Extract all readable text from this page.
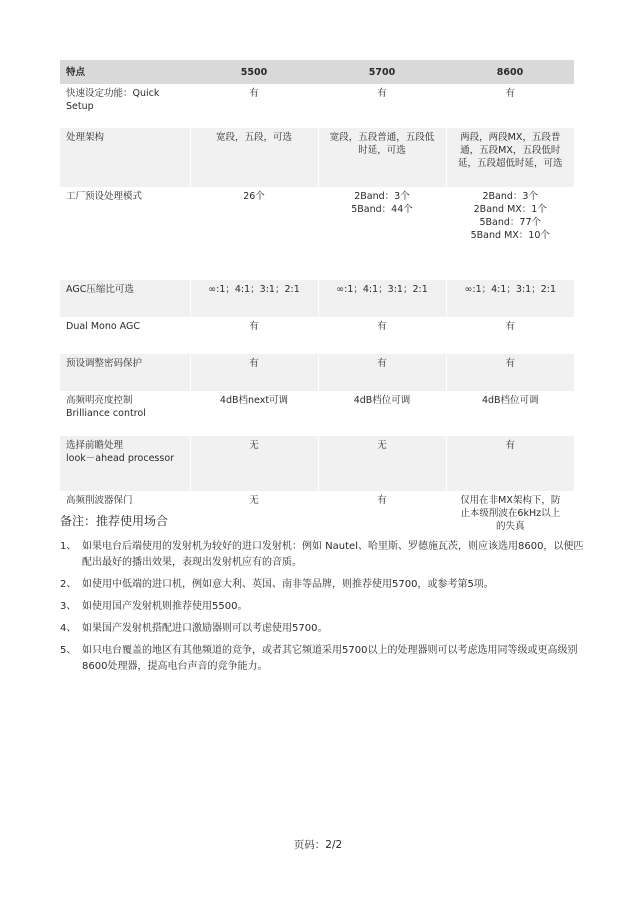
特点	5500	5700	8600

快速设定功能：Quick
Setup	有	有	有

处理架构	宽段，五段，可选	宽段，五段普通，五段低
时延，可选	两段，两段MX，五段普
通，五段MX，五段低时
延，五段超低时延，可选

工厂预设处理模式	26个	2Band：3个
5Band：44个	2Band：3个
2Band MX：1个
5Band：77个
5Band MX：10个

AGC压缩比可选	∞:1；4:1；3:1；2:1	∞:1；4:1；3:1；2:1	∞:1；4:1；3:1；2:1

Dual Mono AGC	有	有	有

预设调整密码保护	有	有	有

高频明亮度控制
Brilliance control	4dB档next可调	4dB档位可调	4dB档位可调

选择前瞻处理
look－ahead processor	无	无	有

高频削波器保门	无	有	仅用在非MX架构下，防
止本级削波在6kHz以上
的失真
备注：推荐使用场合
1、 如果电台后端使用的发射机为较好的进口发射机：例如 Nautel、哈里斯、罗德施瓦茨，则应该选用8600，以便匹配出最好的播出效果，表现出发射机应有的音质。
2、 如使用中低端的进口机，例如意大利、英国、南非等品牌，则推荐使用5700，或参考第5项。
3、 如使用国产发射机则推荐使用5500。
4、 如果国产发射机搭配进口激励器则可以考虑使用5700。
5、 如只电台覆盖的地区有其他频道的竞争，或者其它频道采用5700以上的处理器则可以考虑选用同等级或更高级别8600处理器，提高电台声音的竞争能力。
页码：2/2
